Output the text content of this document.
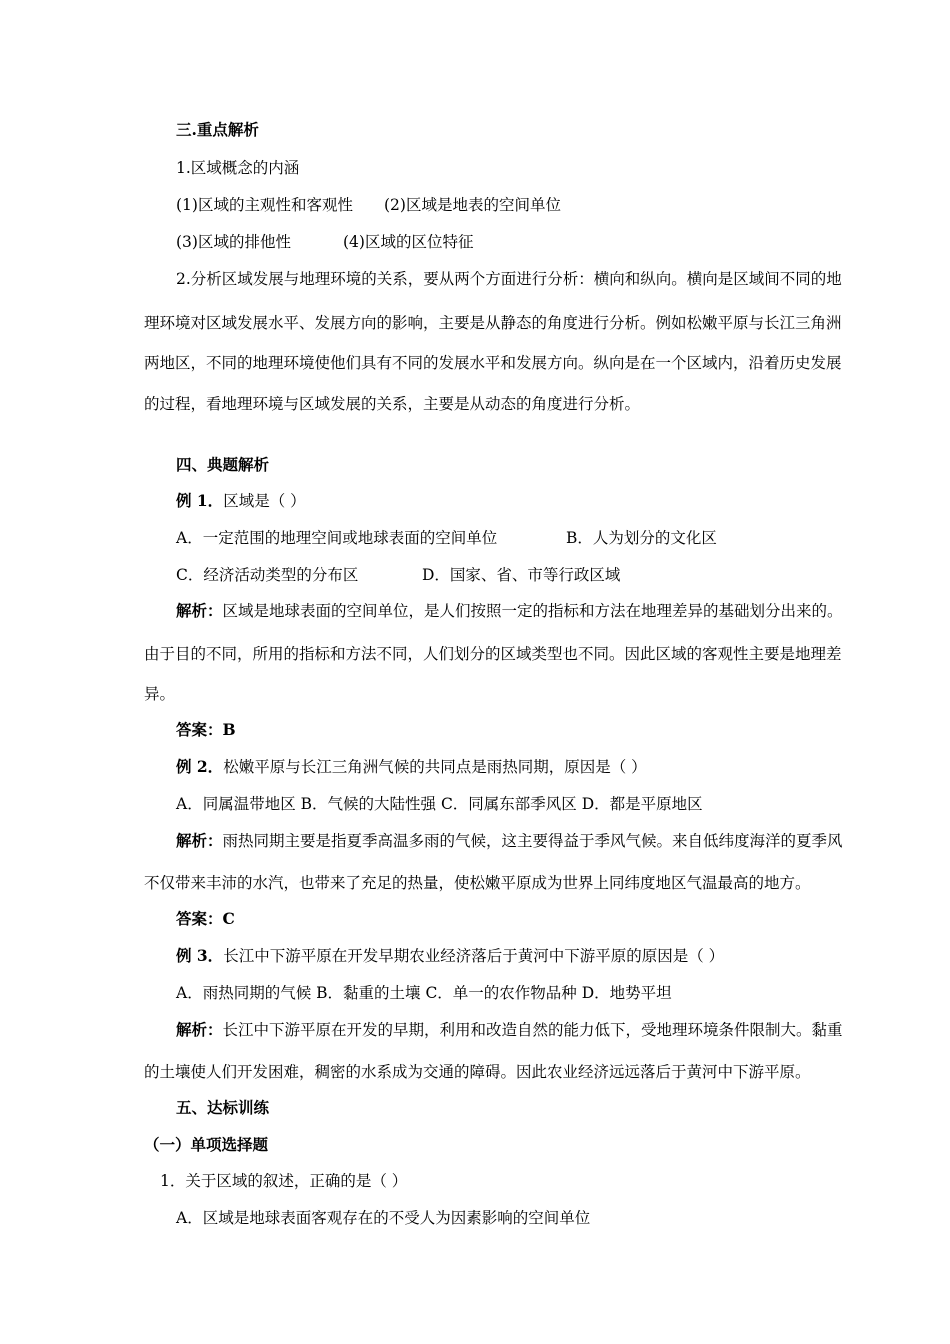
三.重点解析
1.区域概念的内涵
(1)区域的主观性和客观性 (2)区域是地表的空间单位
(3)区域的排他性	(4)区域的区位特征
2.分析区域发展与地理环境的关系，要从两个方面进行分析：横向和纵向。横向是区域间不同的地
理环境对区域发展水平、发展方向的影响，主要是从静态的角度进行分析。例如松嫩平原与长江三角洲
两地区，不同的地理环境使他们具有不同的发展水平和发展方向。纵向是在一个区域内，沿着历史发展
的过程，看地理环境与区域发展的关系，主要是从动态的角度进行分析。
四、典题解析
例 1．区域是（ ）
A．一定范围的地理空间或地球表面的空间单位	B．人为划分的文化区
C．经济活动类型的分布区	D．国家、省、市等行政区域
解析：区域是地球表面的空间单位，是人们按照一定的指标和方法在地理差异的基础划分出来的。
由于目的不同，所用的指标和方法不同，人们划分的区域类型也不同。因此区域的客观性主要是地理差
异。
答案：B
例 2．松嫩平原与长江三角洲气候的共同点是雨热同期，原因是（ ）
A．同属温带地区 B．气候的大陆性强 C．同属东部季风区 D．都是平原地区
解析：雨热同期主要是指夏季高温多雨的气候，这主要得益于季风气候。来自低纬度海洋的夏季风
不仅带来丰沛的水汽，也带来了充足的热量，使松嫩平原成为世界上同纬度地区气温最高的地方。
答案：C
例 3．长江中下游平原在开发早期农业经济落后于黄河中下游平原的原因是（ ）
A．雨热同期的气候 B．黏重的土壤 C．单一的农作物品种 D．地势平坦
解析：长江中下游平原在开发的早期，利用和改造自然的能力低下，受地理环境条件限制大。黏重
的土壤使人们开发困难，稠密的水系成为交通的障碍。因此农业经济远远落后于黄河中下游平原。
五、达标训练
（一）单项选择题
1．关于区域的叙述，正确的是（ ）
A．区域是地球表面客观存在的不受人为因素影响的空间单位
